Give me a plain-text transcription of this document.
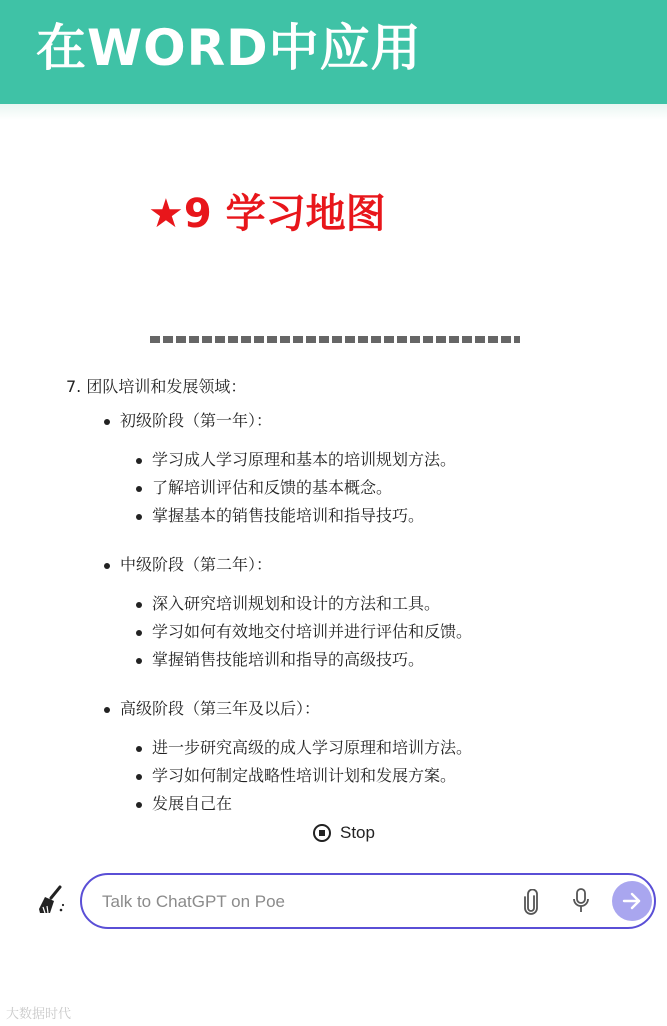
在WORD中应用
★9 学习地图
7. 团队培训和发展领域：
初级阶段（第一年）：
学习成人学习原理和基本的培训规划方法。
了解培训评估和反馈的基本概念。
掌握基本的销售技能培训和指导技巧。
中级阶段（第二年）：
深入研究培训规划和设计的方法和工具。
学习如何有效地交付培训并进行评估和反馈。
掌握销售技能培训和指导的高级技巧。
高级阶段（第三年及以后）：
进一步研究高级的成人学习原理和培训方法。
学习如何制定战略性培训计划和发展方案。
发展自己在
Stop
Talk to ChatGPT on Poe
大数据时代
